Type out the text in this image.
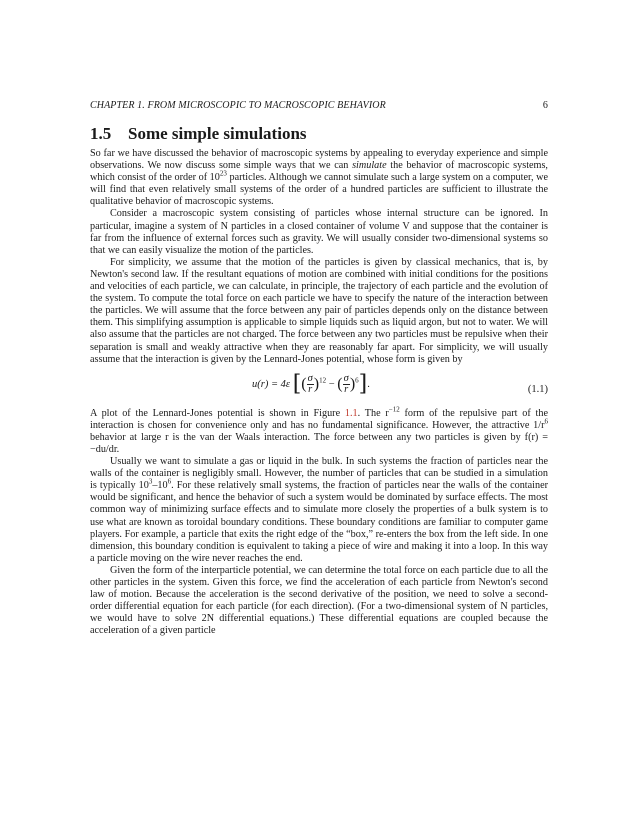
CHAPTER 1. FROM MICROSCOPIC TO MACROSCOPIC BEHAVIOR	6
1.5 Some simple simulations

So far we have discussed the behavior of macroscopic systems by appealing to everyday experience and simple observations. We now discuss some simple ways that we can simulate the behavior of macroscopic systems, which consist of the order of $10^{23}$ particles. Although we cannot simulate such a large system on a computer, we will find that even relatively small systems of the order of a hundred particles are sufficient to illustrate the qualitative behavior of macroscopic systems.

Consider a macroscopic system consisting of particles whose internal structure can be ignored. In particular, imagine a system of N particles in a closed container of volume V and suppose that the container is far from the influence of external forces such as gravity. We will usually consider two-dimensional systems so that we can easily visualize the motion of the particles.

For simplicity, we assume that the motion of the particles is given by classical mechanics, that is, by Newton's second law. If the resultant equations of motion are combined with initial conditions for the positions and velocities of each particle, we can calculate, in principle, the trajectory of each particle and the evolution of the system. To compute the total force on each particle we have to specify the nature of the interaction between the particles. We will assume that the force between any pair of particles depends only on the distance between them. This simplifying assumption is applicable to simple liquids such as liquid argon, but not to water. We will also assume that the particles are not charged. The force between any two particles must be repulsive when their separation is small and weakly attractive when they are reasonably far apart. For simplicity, we will usually assume that the interaction is given by the Lennard-Jones potential, whose form is given by

u(r) = 4ε [( $\frac{\sigma}{r} )^{12}$ − ( $\frac{\sigma}{r} )^6$].	(1.1)

A plot of the Lennard-Jones potential is shown in Figure 1.1. The $r^{-12}$ form of the repulsive part of the interaction is chosen for convenience only and has no fundamental significance. However, the attractive $1/r^6$ behavior at large r is the van der Waals interaction. The force between any two particles is given by f(r) = −du/dr.

Usually we want to simulate a gas or liquid in the bulk. In such systems the fraction of particles near the walls of the container is negligibly small. However, the number of particles that can be studied in a simulation is typically $10^3-10^6$. For these relatively small systems, the fraction of particles near the walls of the container would be significant, and hence the behavior of such a system would be dominated by surface effects. The most common way of minimizing surface effects and to simulate more closely the properties of a bulk system is to use what are known as toroidal boundary conditions. These boundary conditions are familiar to computer game players. For example, a particle that exits the right edge of the “box,” re-enters the box from the left side. In one dimension, this boundary condition is equivalent to taking a piece of wire and making it into a loop. In this way a particle moving on the wire never reaches the end.

Given the form of the interparticle potential, we can determine the total force on each particle due to all the other particles in the system. Given this force, we find the acceleration of each particle from Newton's second law of motion. Because the acceleration is the second derivative of the position, we need to solve a second-order differential equation for each particle (for each direction). (For a two-dimensional system of N particles, we would have to solve 2N differential equations.) These differential equations are coupled because the acceleration of a given particle
